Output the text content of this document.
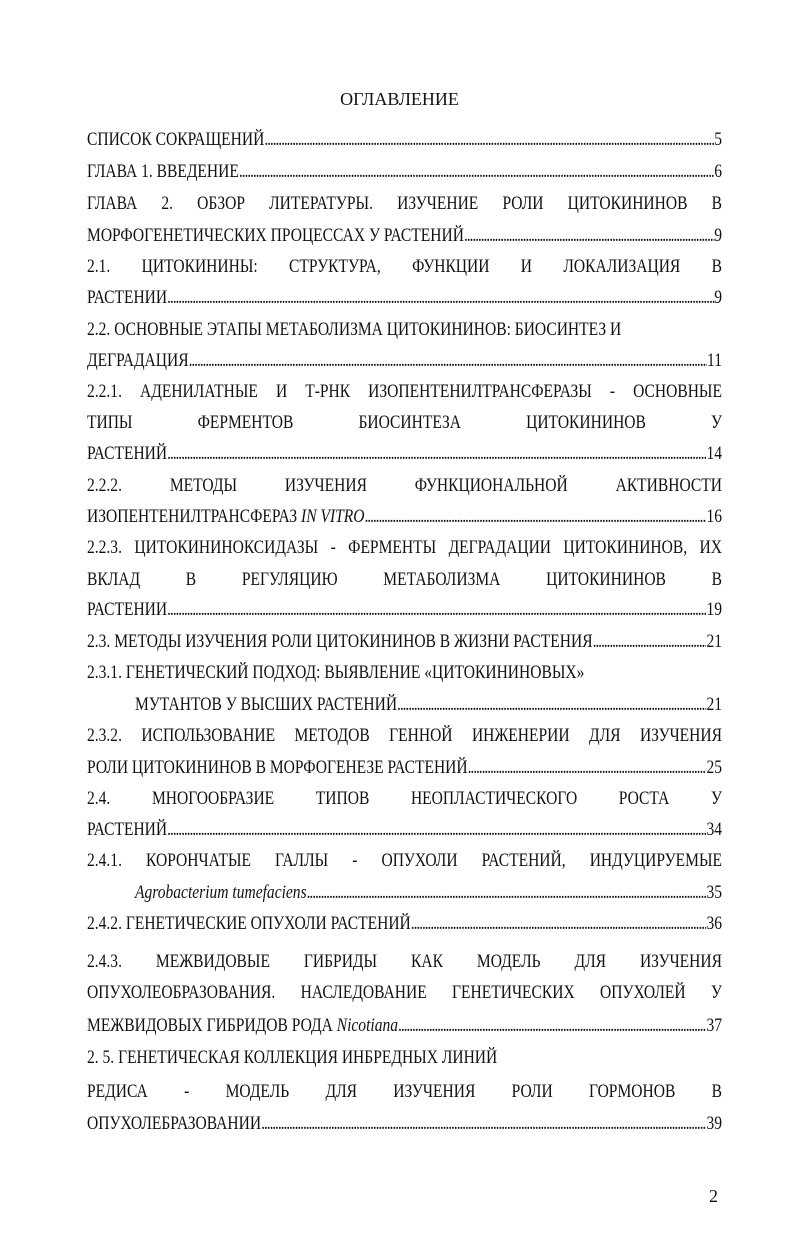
ОГЛАВЛЕНИЕ
СПИСОК СОКРАЩЕНИЙ .....	5
ГЛАВА 1. ВВЕДЕНИЕ .....	6
ГЛАВА 2. ОБЗОР ЛИТЕРАТУРЫ. ИЗУЧЕНИЕ РОЛИ ЦИТОКИНИНОВ В
МОРФОГЕНЕТИЧЕСКИХ ПРОЦЕССАХ У РАСТЕНИЙ .....	9
2.1. ЦИТОКИНИНЫ: СТРУКТУРА, ФУНКЦИИ И ЛОКАЛИЗАЦИЯ В
РАСТЕНИИ .....	9
2.2. ОСНОВНЫЕ ЭТАПЫ МЕТАБОЛИЗМА ЦИТОКИНИНОВ: БИОСИНТЕЗ И
ДЕГРАДАЦИЯ .....	11
2.2.1. АДЕНИЛАТНЫЕ И Т-РНК ИЗОПЕНТЕНИЛТРАНСФЕРАЗЫ - ОСНОВНЫЕ
ТИПЫ ФЕРМЕНТОВ БИОСИНТЕЗА ЦИТОКИНИНОВ У
РАСТЕНИЙ .....	14
2.2.2. МЕТОДЫ ИЗУЧЕНИЯ ФУНКЦИОНАЛЬНОЙ АКТИВНОСТИ
ИЗОПЕНТЕНИЛТРАНСФЕРАЗ IN VITRO .....	16
2.2.3. ЦИТОКИНИНОКСИДАЗЫ - ФЕРМЕНТЫ ДЕГРАДАЦИИ ЦИТОКИНИНОВ, ИХ
ВКЛАД В РЕГУЛЯЦИЮ МЕТАБОЛИЗМА ЦИТОКИНИНОВ В
РАСТЕНИИ .....	19
2.3. МЕТОДЫ ИЗУЧЕНИЯ РОЛИ ЦИТОКИНИНОВ В ЖИЗНИ РАСТЕНИЯ .....	21
2.3.1. ГЕНЕТИЧЕСКИЙ ПОДХОД: ВЫЯВЛЕНИЕ «ЦИТОКИНИНОВЫХ»
МУТАНТОВ У ВЫСШИХ РАСТЕНИЙ .....	21
2.3.2. ИСПОЛЬЗОВАНИЕ МЕТОДОВ ГЕННОЙ ИНЖЕНЕРИИ ДЛЯ ИЗУЧЕНИЯ
РОЛИ ЦИТОКИНИНОВ В МОРФОГЕНЕЗЕ РАСТЕНИЙ .....	25
2.4. МНОГООБРАЗИЕ ТИПОВ НЕОПЛАСТИЧЕСКОГО РОСТА У
РАСТЕНИЙ .....	34
2.4.1. КОРОНЧАТЫЕ ГАЛЛЫ - ОПУХОЛИ РАСТЕНИЙ, ИНДУЦИРУЕМЫЕ
Agrobacterium tumefaciens .....	35
2.4.2. ГЕНЕТИЧЕСКИЕ ОПУХОЛИ РАСТЕНИЙ .....	36
2.4.3. МЕЖВИДОВЫЕ ГИБРИДЫ КАК МОДЕЛЬ ДЛЯ ИЗУЧЕНИЯ
ОПУХОЛЕОБРАЗОВАНИЯ. НАСЛЕДОВАНИЕ ГЕНЕТИЧЕСКИХ ОПУХОЛЕЙ У
МЕЖВИДОВЫХ ГИБРИДОВ РОДА Nicotiana .....	37
2. 5. ГЕНЕТИЧЕСКАЯ КОЛЛЕКЦИЯ ИНБРЕДНЫХ ЛИНИЙ
РЕДИСА - МОДЕЛЬ ДЛЯ ИЗУЧЕНИЯ РОЛИ ГОРМОНОВ В
ОПУХОЛЕБРАЗОВАНИИ .....	39
2
